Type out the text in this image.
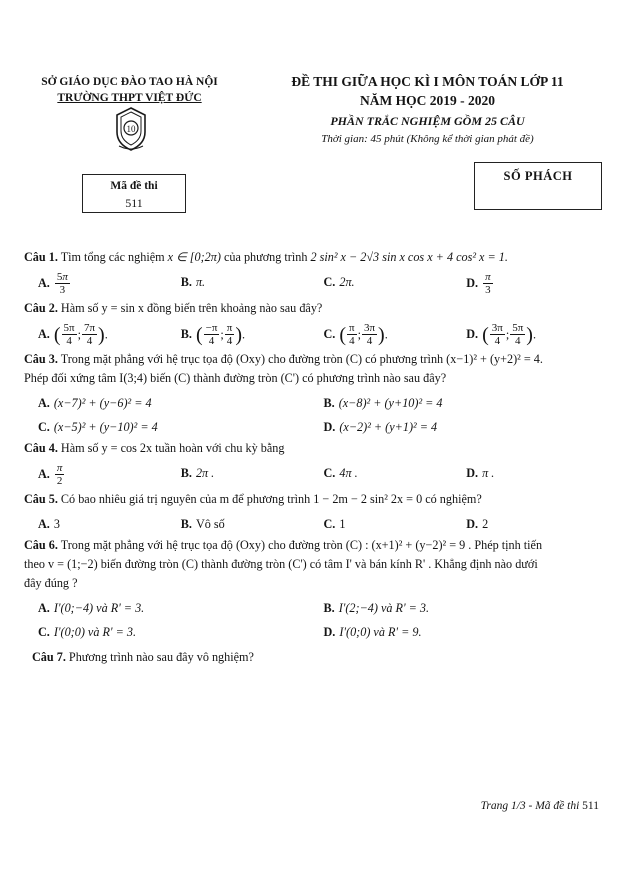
SỞ GIÁO DỤC ĐÀO TAO HÀ NỘI
TRƯỜNG THPT VIỆT ĐỨC
10
ĐỀ THI GIỮA HỌC KÌ I MÔN TOÁN LỚP 11
NĂM HỌC 2019 - 2020
PHẦN TRẮC NGHIỆM GỒM 25 CÂU
Thời gian: 45 phút (Không kể thời gian phát đề)
Mã đề thi
511
SỐ PHÁCH
Câu 1. Tìm tổng các nghiệm x ∈ [0;2π) của phương trình 2 sin² x − 2√3 sin x cos x + 4 cos² x = 1.
A. $\frac{5\pi}{3}$	B. π.	C. 2π.	D. $\frac{\pi}{3}$
Câu 2. Hàm số y = sin x đồng biến trên khoảng nào sau đây?
A. ( $\frac{5\pi}{4}$ ; $\frac{7\pi}{4}$ ).	B. ( $\frac{-\pi}{4}$ ; $\frac{\pi}{4}$ ).	C. ( $\frac{\pi}{4}$ ; $\frac{3\pi}{4}$ ).	D. ( $\frac{3\pi}{4}$ ; $\frac{5\pi}{4}$ ).
Câu 3. Trong mặt phẳng với hệ trục tọa độ (Oxy) cho đường tròn (C) có phương trình (x−1)² + (y+2)² = 4.
Phép đối xứng tâm I(3;4) biến (C) thành đường tròn (C') có phương trình nào sau đây?
A. (x−7)² + (y−6)² = 4	B. (x−8)² + (y+10)² = 4
C. (x−5)² + (y−10)² = 4	D. (x−2)² + (y+1)² = 4
Câu 4. Hàm số y = cos 2x tuần hoàn với chu kỳ bằng
A. $\frac{\pi}{2}$	B. 2π .	C. 4π .	D. π .
Câu 5. Có bao nhiêu giá trị nguyên của m để phương trình 1 − 2m − 2 sin² 2x = 0 có nghiệm?
A. 3	B. Vô số	C. 1	D. 2
Câu 6. Trong mặt phẳng với hệ trục tọa độ (Oxy) cho đường tròn (C) : (x+1)² + (y−2)² = 9 . Phép tịnh tiến
theo v = (1;−2) biến đường tròn (C) thành đường tròn (C') có tâm I' và bán kính R' . Khẳng định nào dưới
đây đúng ?
A. I'(0;−4) và R' = 3.	B. I'(2;−4) và R' = 3.
C. I'(0;0) và R' = 3.	D. I'(0;0) và R' = 9.
Câu 7. Phương trình nào sau đây vô nghiệm?
Trang 1/3 - Mã đề thi 511
